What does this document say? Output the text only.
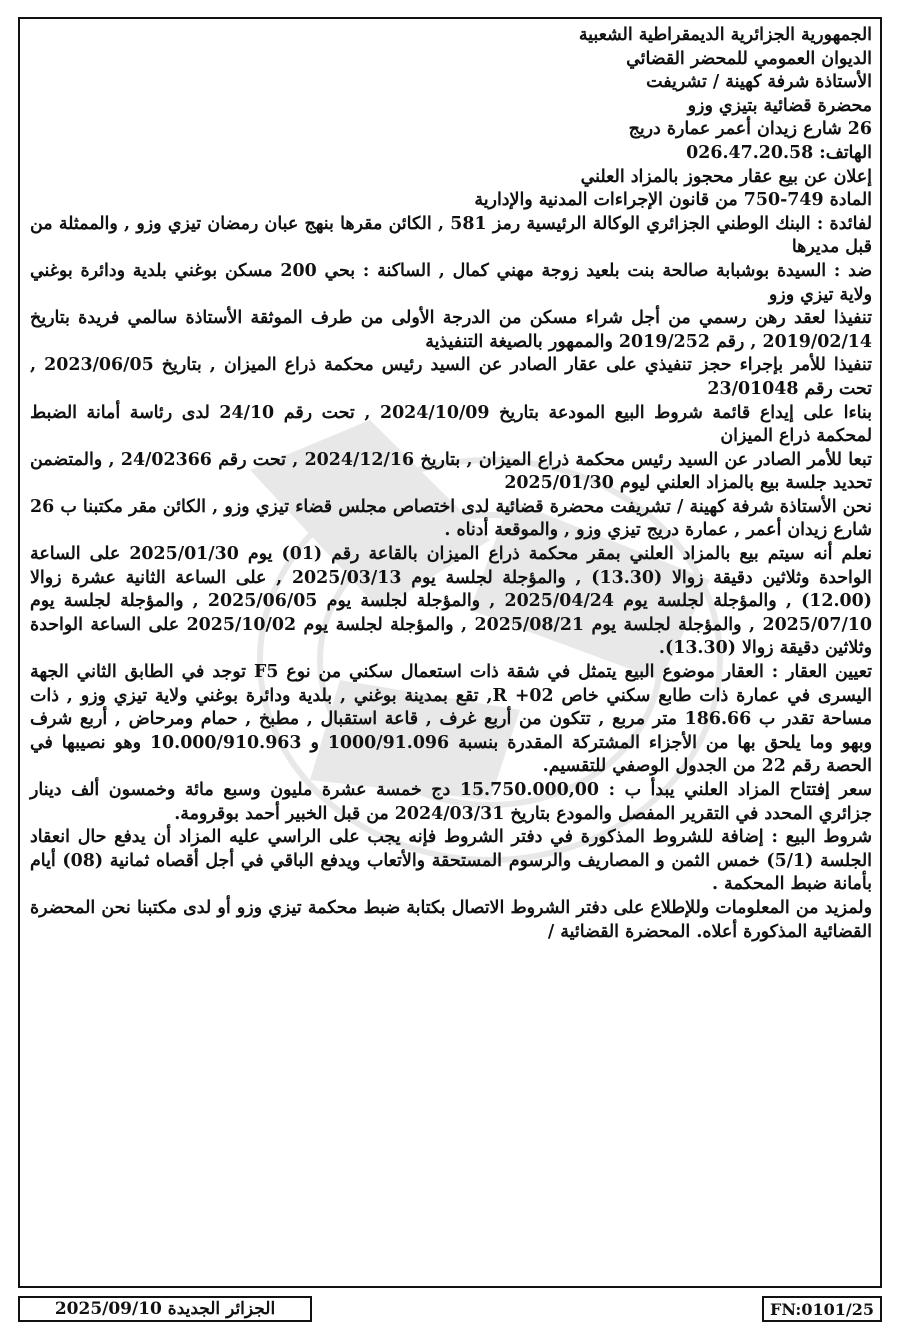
الجمهورية الجزائرية الديمقراطية الشعبية

الديوان العمومي للمحضر القضائي

الأستاذة شرفة كهينة / تشريفت

محضرة قضائية بتيزي وزو

26 شارع زيدان أعمر عمارة دريج

الهاتف: 026.47.20.58

إعلان عن بيع عقار محجوز بالمزاد العلني

المادة 749-750 من قانون الإجراءات المدنية والإدارية

لفائدة : البنك الوطني الجزائري الوكالة الرئيسية رمز 581 , الكائن مقرها بنهج عبان رمضان تيزي وزو , والممثلة من قبل مديرها

ضد : السيدة بوشبابة صالحة بنت بلعيد زوجة مهني كمال , الساكنة : بحي 200 مسكن بوغني بلدية ودائرة بوغني ولاية تيزي وزو

تنفيذا لعقد رهن رسمي من أجل شراء مسكن من الدرجة الأولى من طرف الموثقة الأستاذة سالمي فريدة بتاريخ 2019/02/14 , رقم 2019/252 والممهور بالصيغة التنفيذية

تنفيذا للأمر بإجراء حجز تنفيذي على عقار الصادر عن السيد رئيس محكمة ذراع الميزان , بتاريخ 2023/06/05 , تحت رقم 23/01048

بناءا على إيداع قائمة شروط البيع المودعة بتاريخ 2024/10/09 , تحت رقم 24/10 لدى رئاسة أمانة الضبط لمحكمة ذراع الميزان

تبعا للأمر الصادر عن السيد رئيس محكمة ذراع الميزان , بتاريخ 2024/12/16 , تحت رقم 24/02366 , والمتضمن تحديد جلسة بيع بالمزاد العلني ليوم 2025/01/30

نحن الأستاذة شرفة كهينة / تشريفت محضرة قضائية لدى اختصاص مجلس قضاء تيزي وزو , الكائن مقر مكتبنا ب 26 شارع زيدان أعمر , عمارة دريج تيزي وزو , والموقعة أدناه .

نعلم أنه سيتم بيع بالمزاد العلني بمقر محكمة ذراع الميزان بالقاعة رقم (01) يوم 2025/01/30 على الساعة الواحدة وثلاثين دقيقة زوالا (13.30) , والمؤجلة لجلسة يوم 2025/03/13 , على الساعة الثانية عشرة زوالا (12.00) , والمؤجلة لجلسة يوم 2025/04/24 , والمؤجلة لجلسة يوم 2025/06/05 , والمؤجلة لجلسة يوم 2025/07/10 , والمؤجلة لجلسة يوم 2025/08/21 , والمؤجلة لجلسة يوم 2025/10/02 على الساعة الواحدة وثلاثين دقيقة زوالا (13.30).

تعيين العقار : العقار موضوع البيع يتمثل في شقة ذات استعمال سكني من نوع F5 توجد في الطابق الثاني الجهة اليسرى في عمارة ذات طابع سكني خاص R +02, تقع بمدينة بوغني , بلدية ودائرة بوغني ولاية تيزي وزو , ذات مساحة تقدر ب 186.66 متر مربع , تتكون من أربع غرف , قاعة استقبال , مطبخ , حمام ومرحاض , أربع شرف وبهو وما يلحق بها من الأجزاء المشتركة المقدرة بنسبة 1000/91.096 و 10.000/910.963 وهو نصيبها في الحصة رقم 22 من الجدول الوصفي للتقسيم.

سعر إفتتاح المزاد العلني يبدأ ب : 15.750.000,00 دج خمسة عشرة مليون وسبع مائة وخمسون ألف دينار جزائري المحدد في التقرير المفصل والمودع بتاريخ 2024/03/31 من قبل الخبير أحمد بوقرومة.

شروط البيع : إضافة للشروط المذكورة في دفتر الشروط فإنه يجب على الراسي عليه المزاد أن يدفع حال انعقاد الجلسة (5/1) خمس الثمن و المصاريف والرسوم المستحقة والأتعاب ويدفع الباقي في أجل أقصاه ثمانية (08) أيام بأمانة ضبط المحكمة .

ولمزيد من المعلومات وللإطلاع على دفتر الشروط الاتصال بكتابة ضبط محكمة تيزي وزو أو لدى مكتبنا نحن المحضرة القضائية المذكورة أعلاه. المحضرة القضائية /

الجزائر الجديدة 2025/09/10	FN:0101/25
